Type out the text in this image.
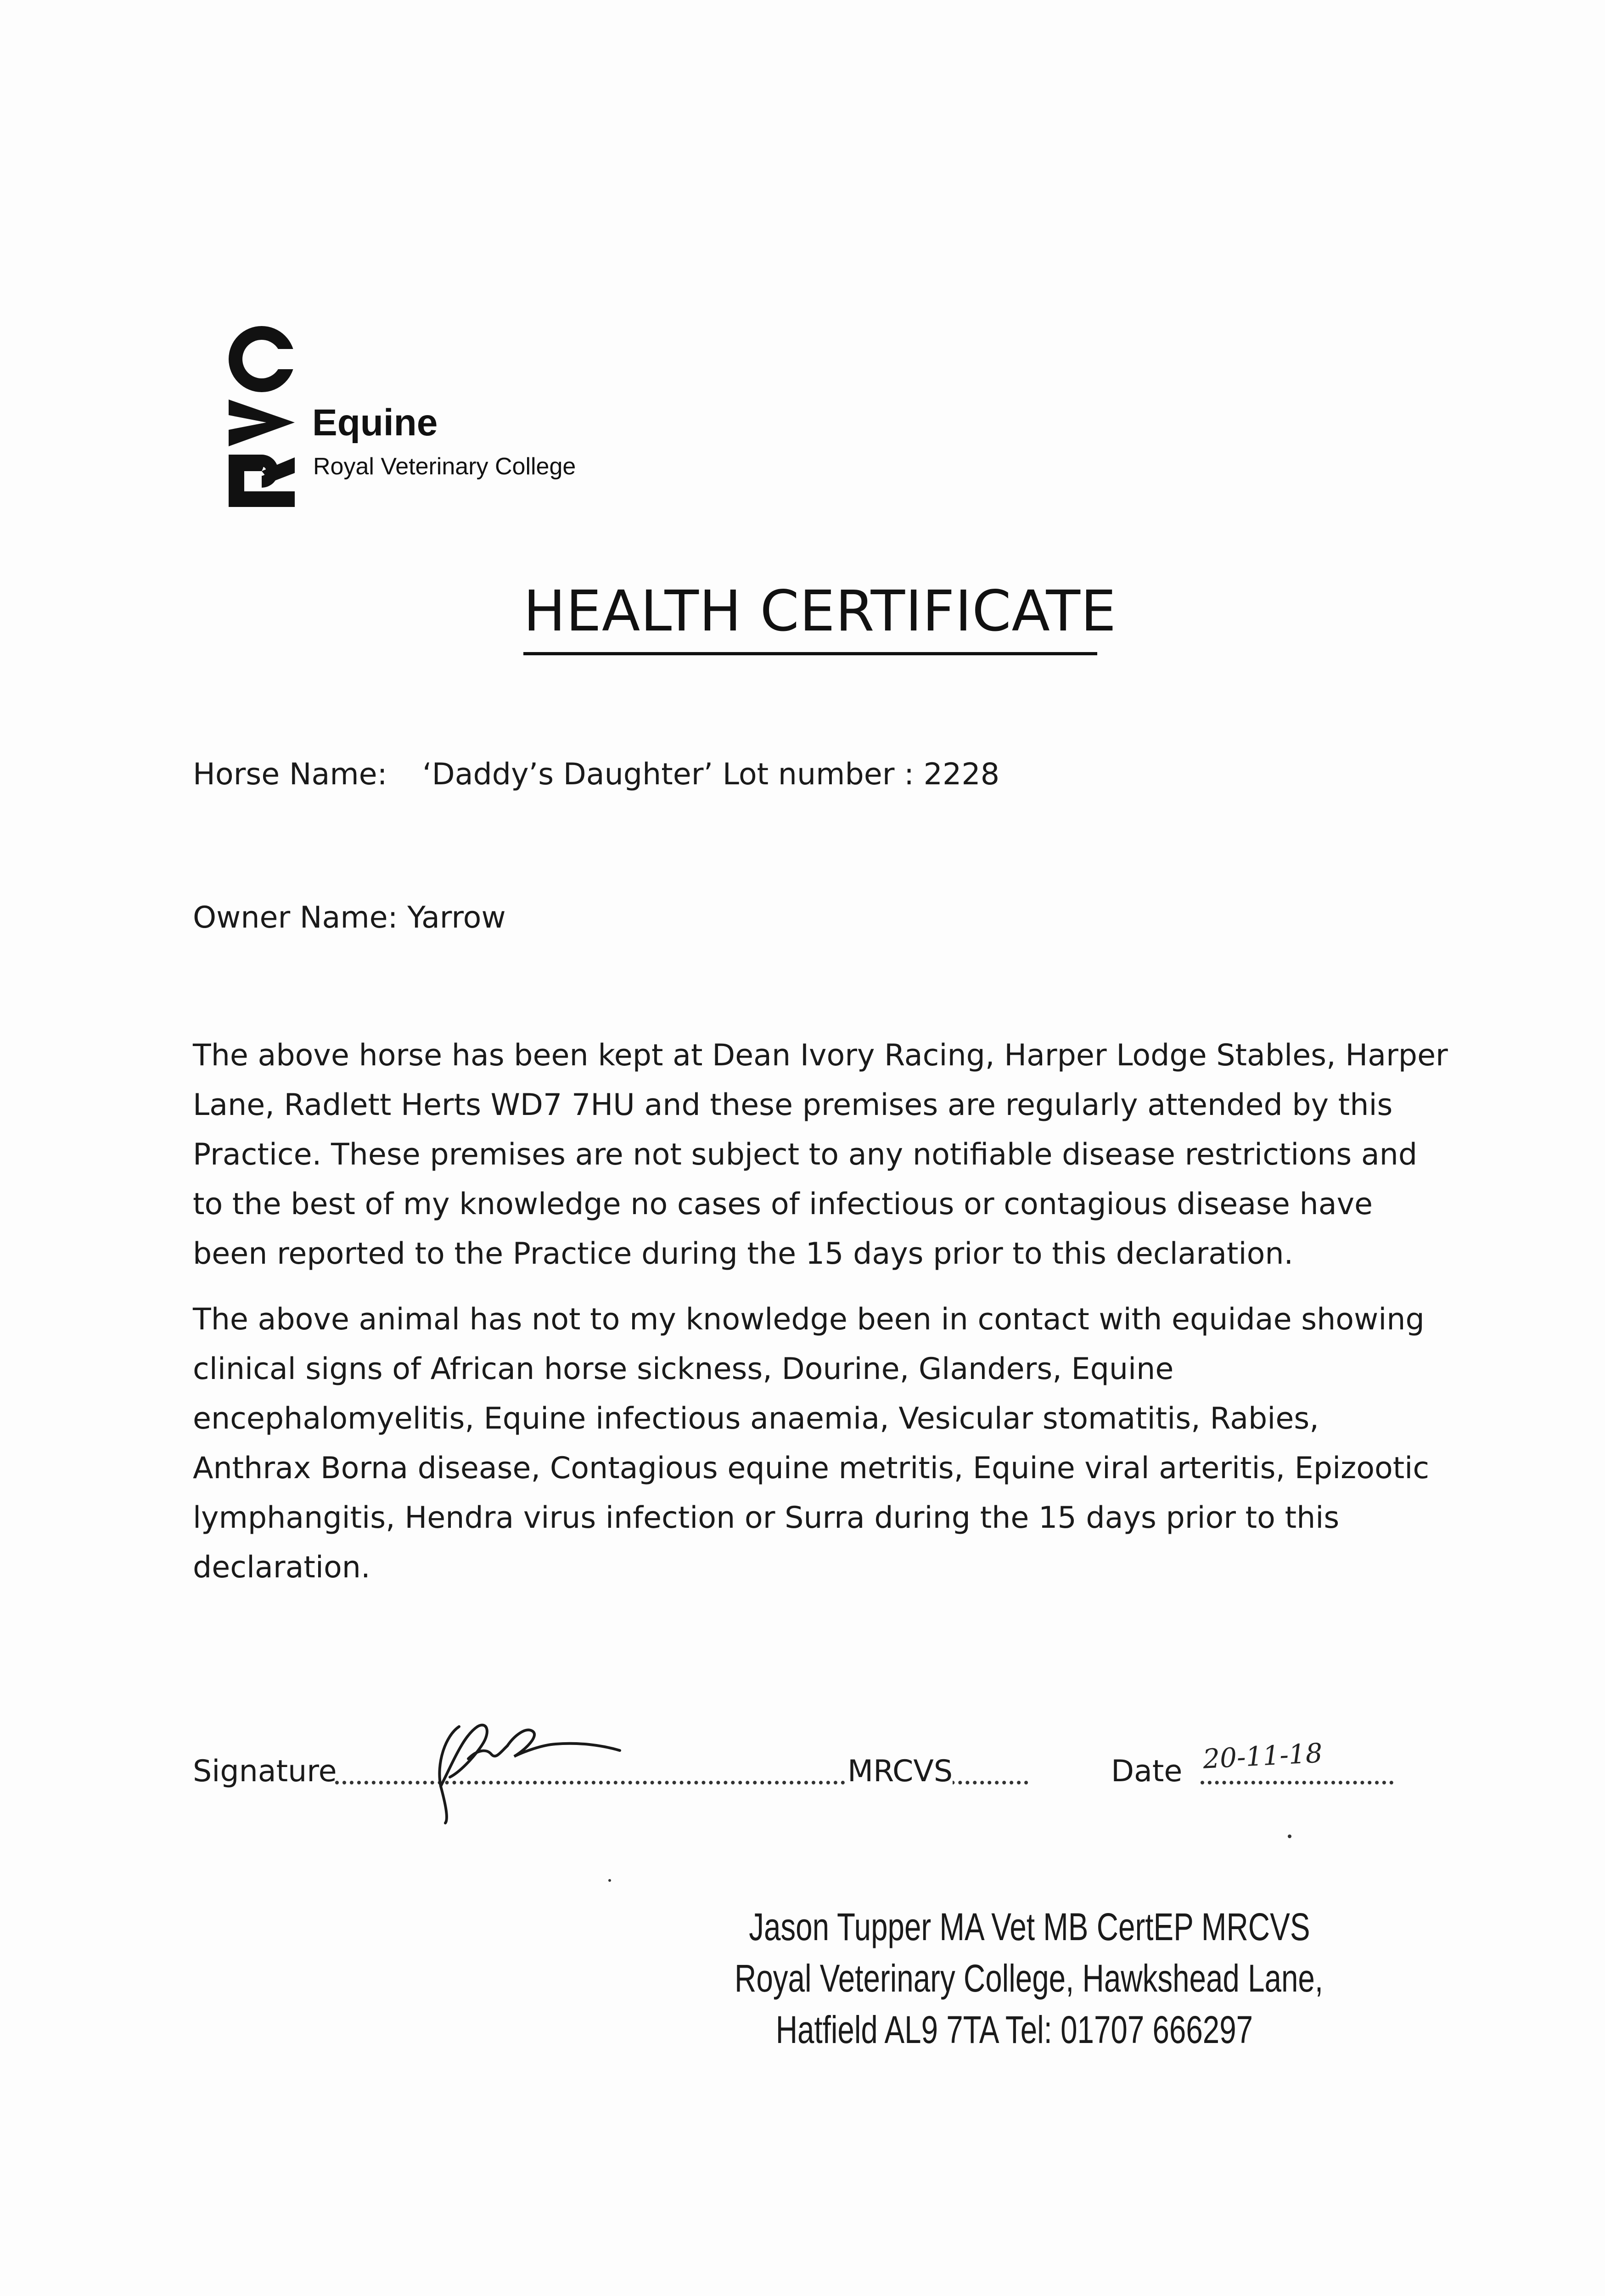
Equine
Royal Veterinary College
HEALTH CERTIFICATE
Horse Name: ‘Daddy’s Daughter’ Lot number : 2228
Owner Name: Yarrow
The above horse has been kept at Dean Ivory Racing, Harper Lodge Stables, Harper
Lane, Radlett Herts WD7 7HU and these premises are regularly attended by this
Practice. These premises are not subject to any notifiable disease restrictions and
to the best of my knowledge no cases of infectious or contagious disease have
been reported to the Practice during the 15 days prior to this declaration.
The above animal has not to my knowledge been in contact with equidae showing
clinical signs of African horse sickness, Dourine, Glanders, Equine
encephalomyelitis, Equine infectious anaemia, Vesicular stomatitis, Rabies,
Anthrax Borna disease, Contagious equine metritis, Equine viral arteritis, Epizootic
lymphangitis, Hendra virus infection or Surra during the 15 days prior to this
declaration.
Signature	MRCVS	Date 20-11-18
Jason Tupper MA Vet MB CertEP MRCVS
Royal Veterinary College, Hawkshead Lane,
Hatfield AL9 7TA Tel: 01707 666297
